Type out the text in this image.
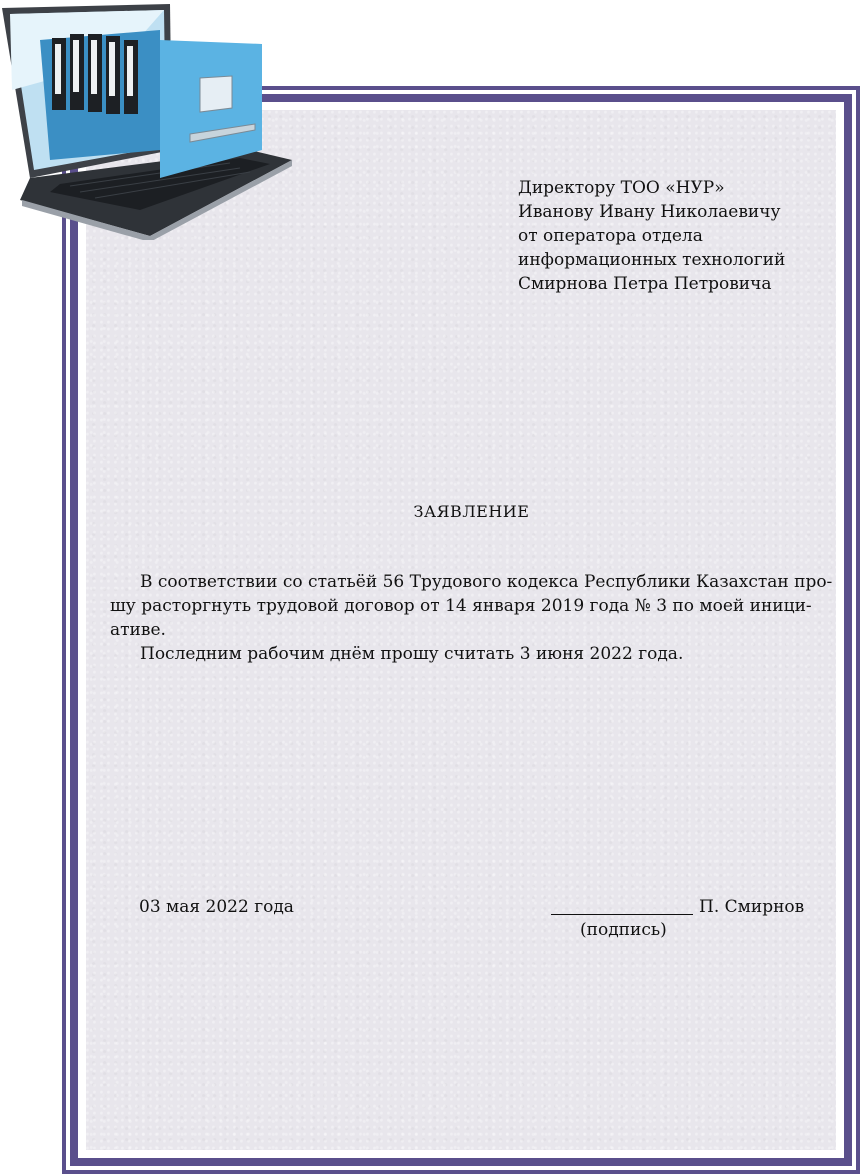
Директору ТОО «НУР»
Иванову Ивану Николаевичу
от оператора отдела
информационных технологий
Смирнова Петра Петровича
ЗАЯВЛЕНИЕ
В соответствии со статьёй 56 Трудового кодекса Республики Казахстан про-
шу расторгнуть трудовой договор от 14 января 2019 года № 3 по моей иници-
ативе.
Последним рабочим днём прошу считать 3 июня 2022 года.
03 мая 2022 года	П. Смирнов
(подпись)
